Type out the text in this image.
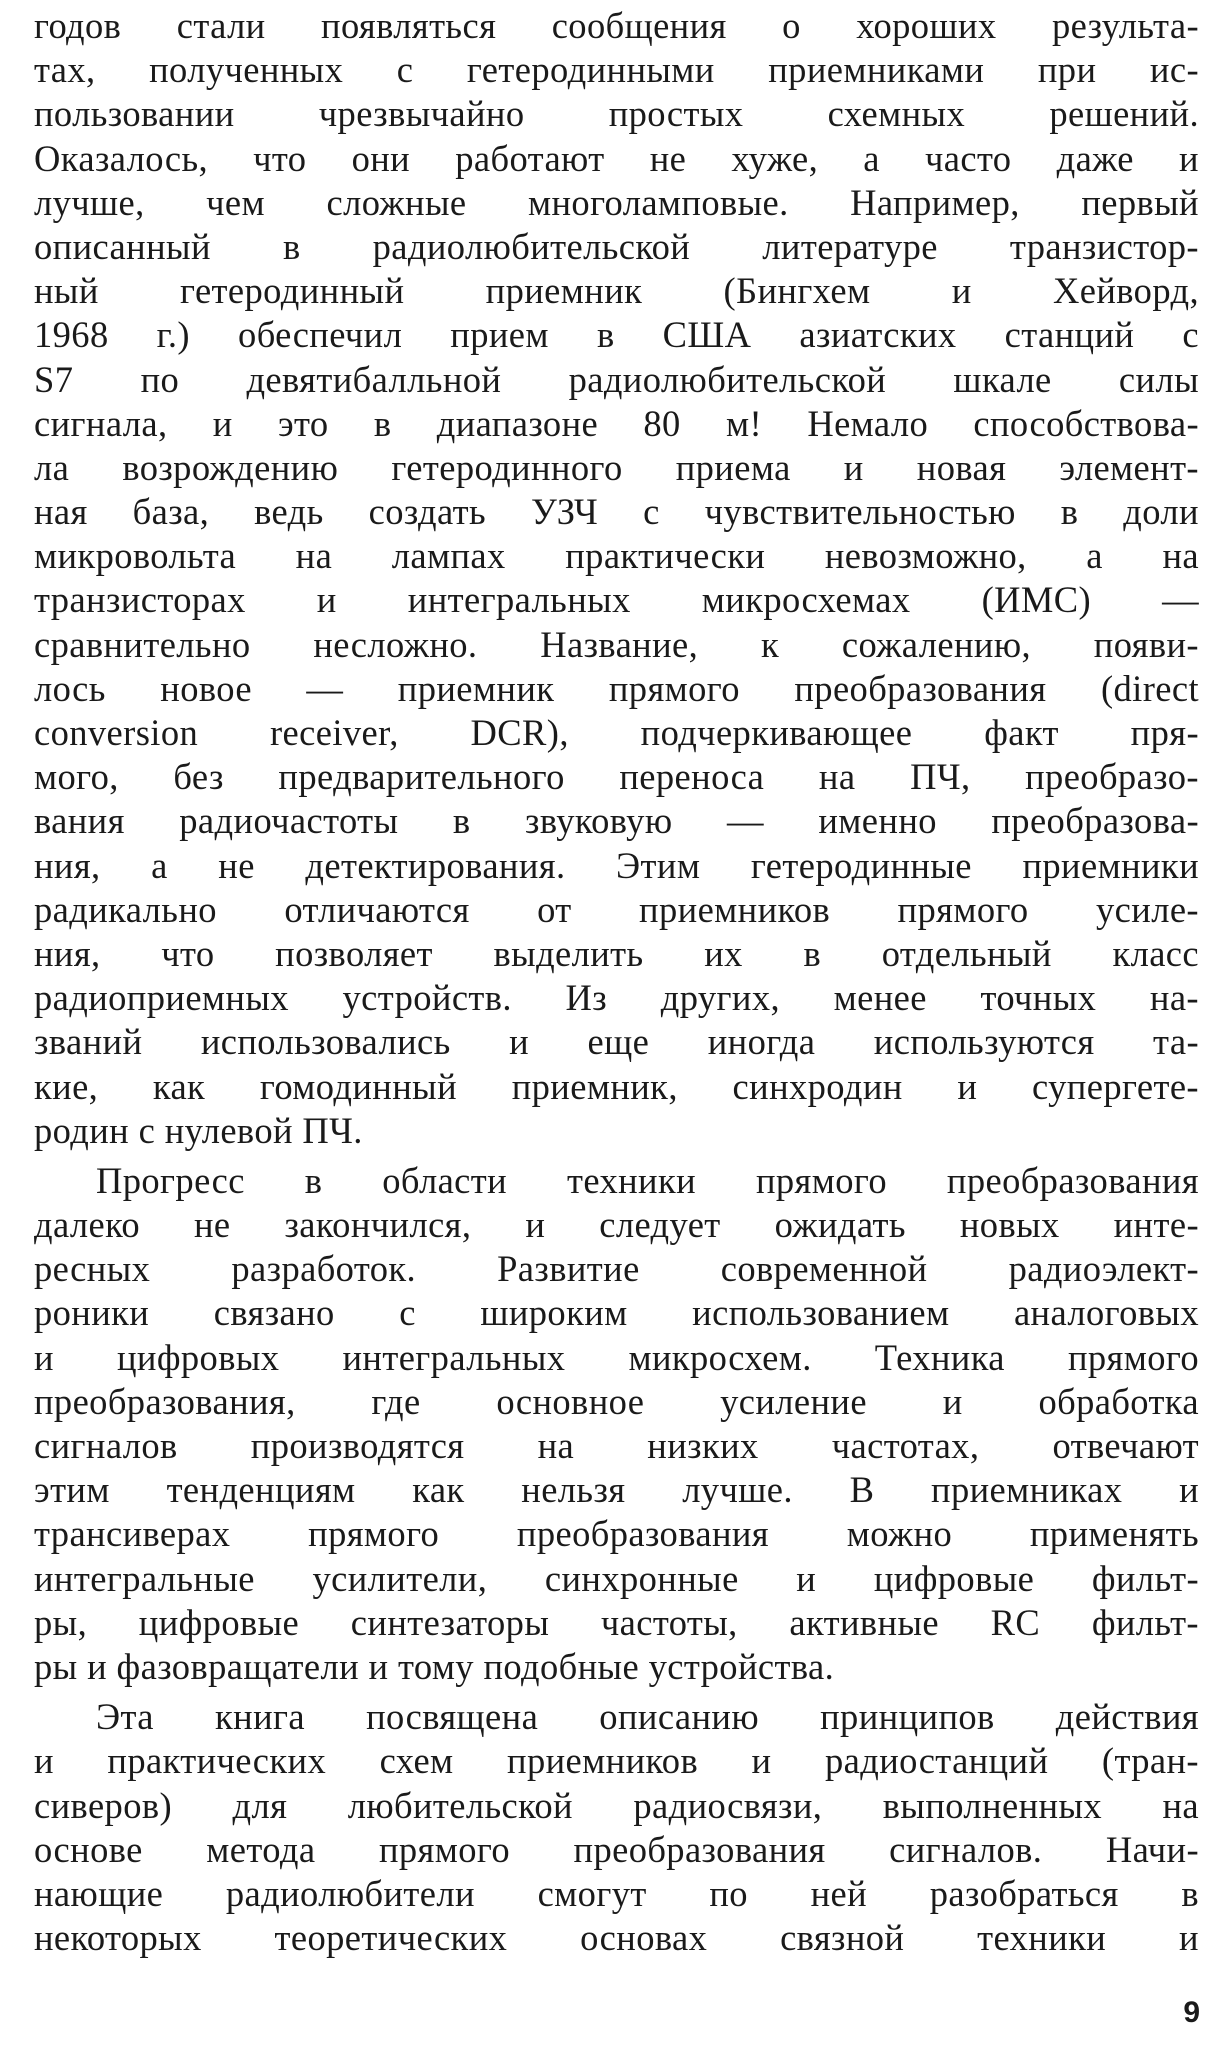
годов стали появляться сообщения о хороших результа-
тах, полученных с гетеродинными приемниками при ис-
пользовании чрезвычайно простых схемных решений.
Оказалось, что они работают не хуже, а часто даже и
лучше, чем сложные многоламповые. Например, первый
описанный в радиолюбительской литературе транзистор-
ный гетеродинный приемник (Бингхем и Хейворд,
1968 г.) обеспечил прием в США азиатских станций с
S7 по девятибалльной радиолюбительской шкале силы
сигнала, и это в диапазоне 80 м! Немало способствова-
ла возрождению гетеродинного приема и новая элемент-
ная база, ведь создать УЗЧ с чувствительностью в доли
микровольта на лампах практически невозможно, а на
транзисторах и интегральных микросхемах (ИМС) —
сравнительно несложно. Название, к сожалению, появи-
лось новое — приемник прямого преобразования (direct
conversion receiver, DCR), подчеркивающее факт пря-
мого, без предварительного переноса на ПЧ, преобразо-
вания радиочастоты в звуковую — именно преобразова-
ния, а не детектирования. Этим гетеродинные приемники
радикально отличаются от приемников прямого усиле-
ния, что позволяет выделить их в отдельный класс
радиоприемных устройств. Из других, менее точных на-
званий использовались и еще иногда используются та-
кие, как гомодинный приемник, синхродин и супергете-
родин с нулевой ПЧ.
Прогресс в области техники прямого преобразования
далеко не закончился, и следует ожидать новых инте-
ресных разработок. Развитие современной радиоэлект-
роники связано с широким использованием аналоговых
и цифровых интегральных микросхем. Техника прямого
преобразования, где основное усиление и обработка
сигналов производятся на низких частотах, отвечают
этим тенденциям как нельзя лучше. В приемниках и
трансиверах прямого преобразования можно применять
интегральные усилители, синхронные и цифровые фильт-
ры, цифровые синтезаторы частоты, активные RC фильт-
ры и фазовращатели и тому подобные устройства.
Эта книга посвящена описанию принципов действия
и практических схем приемников и радиостанций (тран-
сиверов) для любительской радиосвязи, выполненных на
основе метода прямого преобразования сигналов. Начи-
нающие радиолюбители смогут по ней разобраться в
некоторых теоретических основах связной техники и
9
